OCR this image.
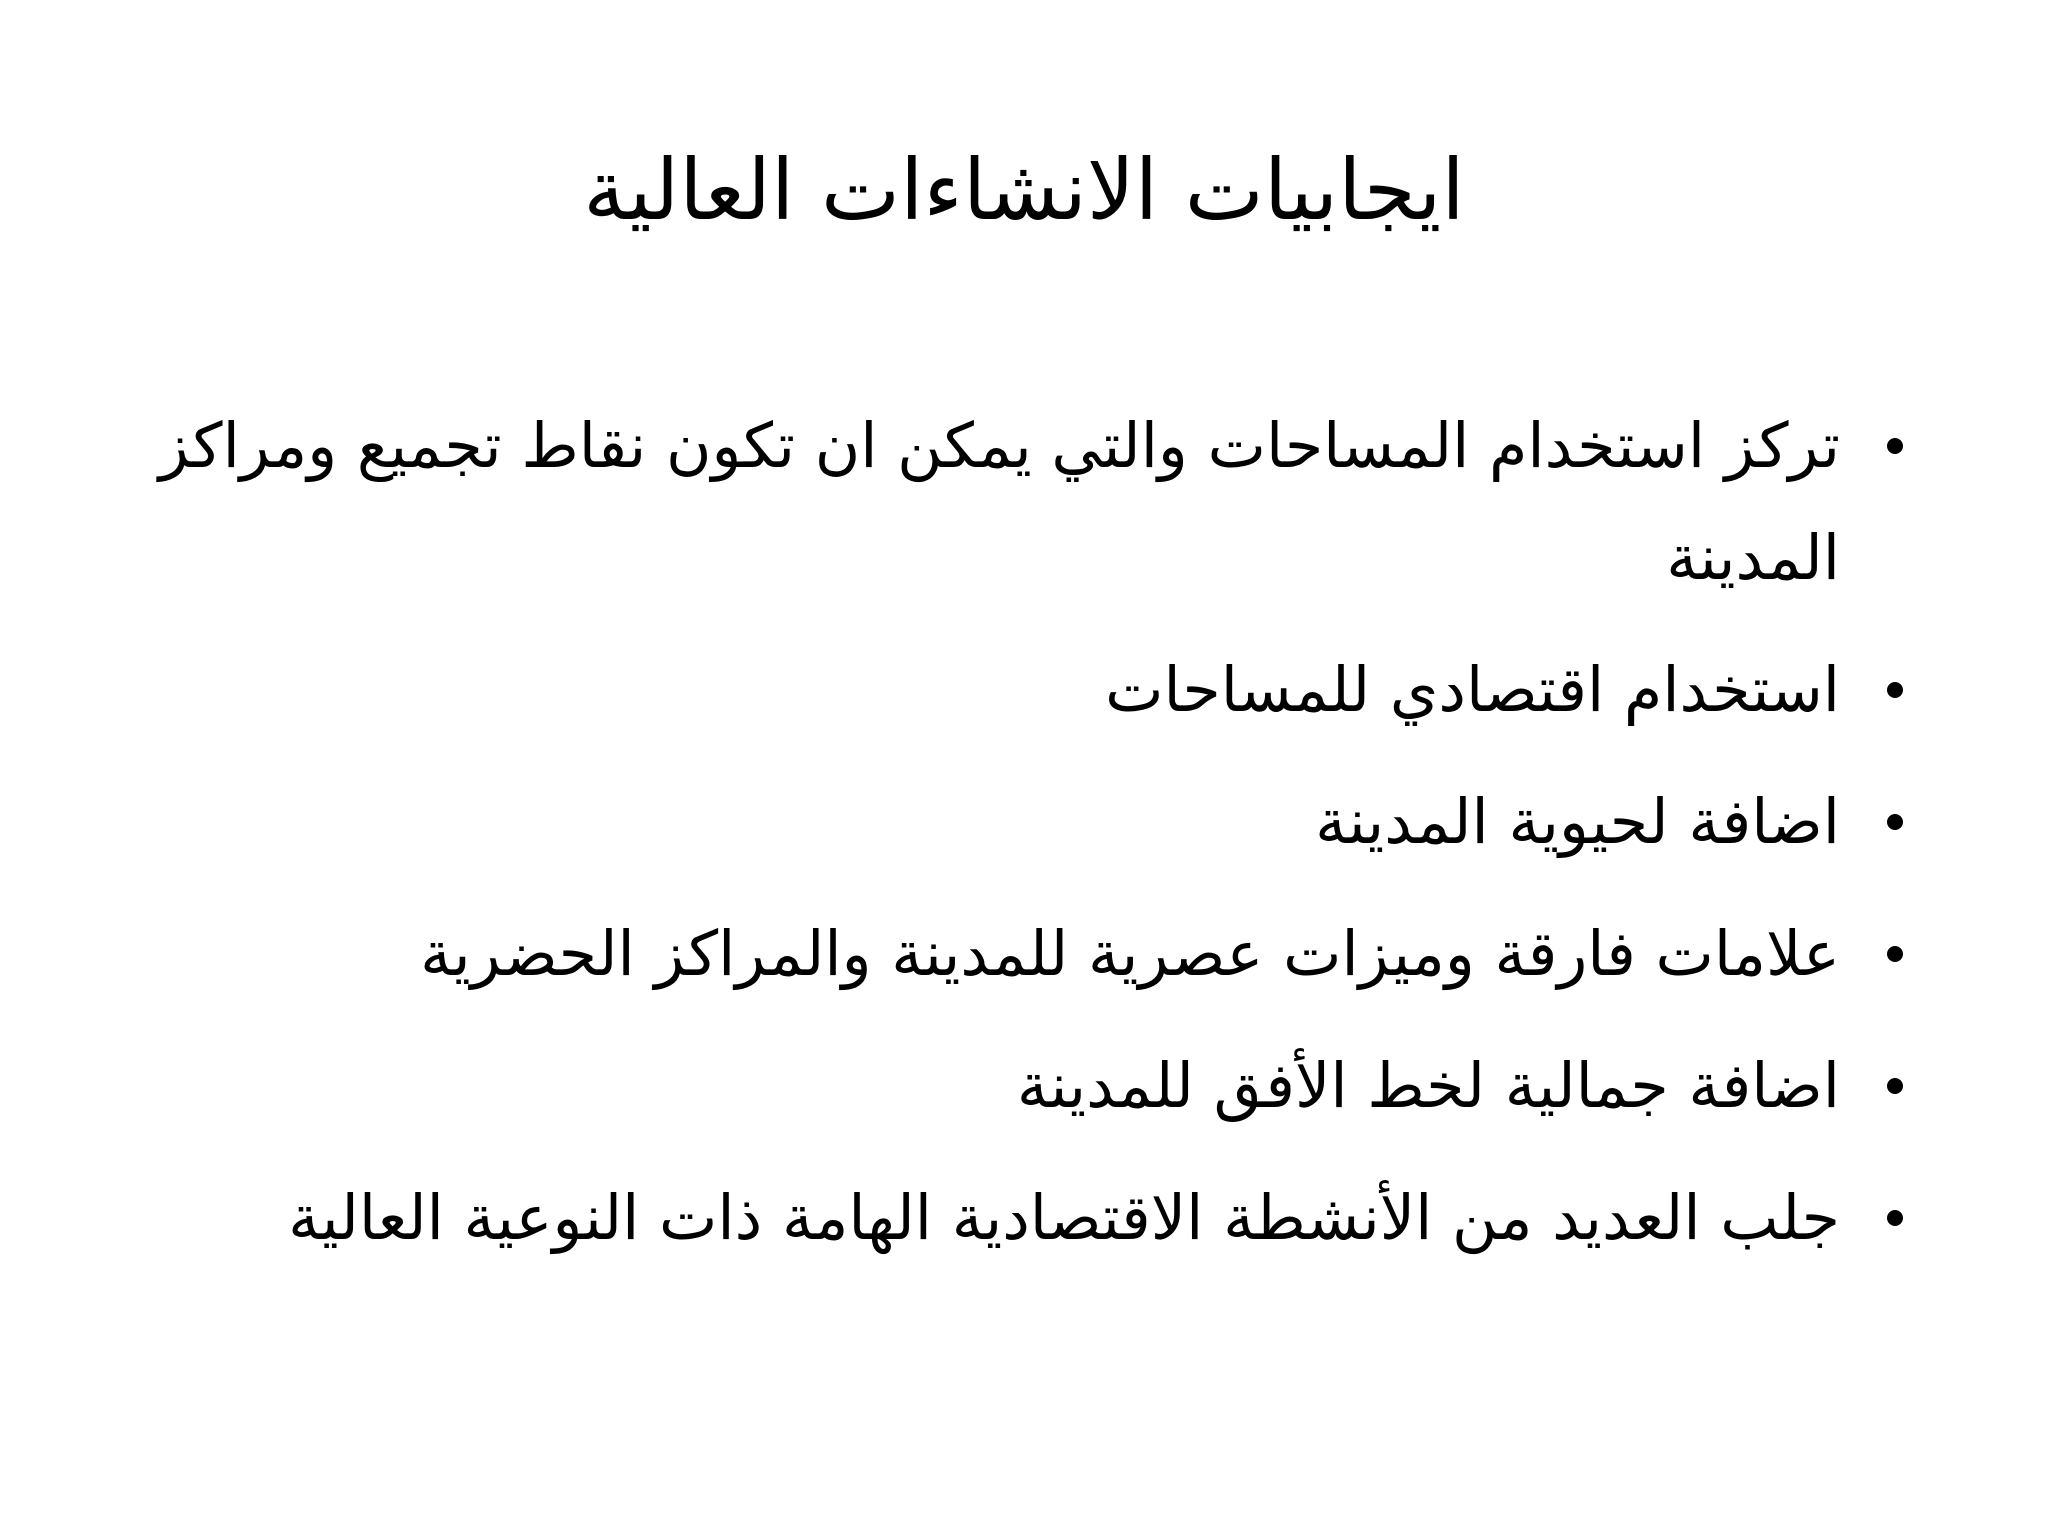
ايجابيات الانشاءات العالية
تركز استخدام المساحات والتي يمكن ان تكون نقاط تجميع ومراكز المدينة
استخدام اقتصادي للمساحات
اضافة لحيوية المدينة
علامات فارقة وميزات عصرية للمدينة والمراكز الحضرية
اضافة جمالية لخط الأفق للمدينة
جلب العديد من الأنشطة الاقتصادية الهامة ذات النوعية العالية
